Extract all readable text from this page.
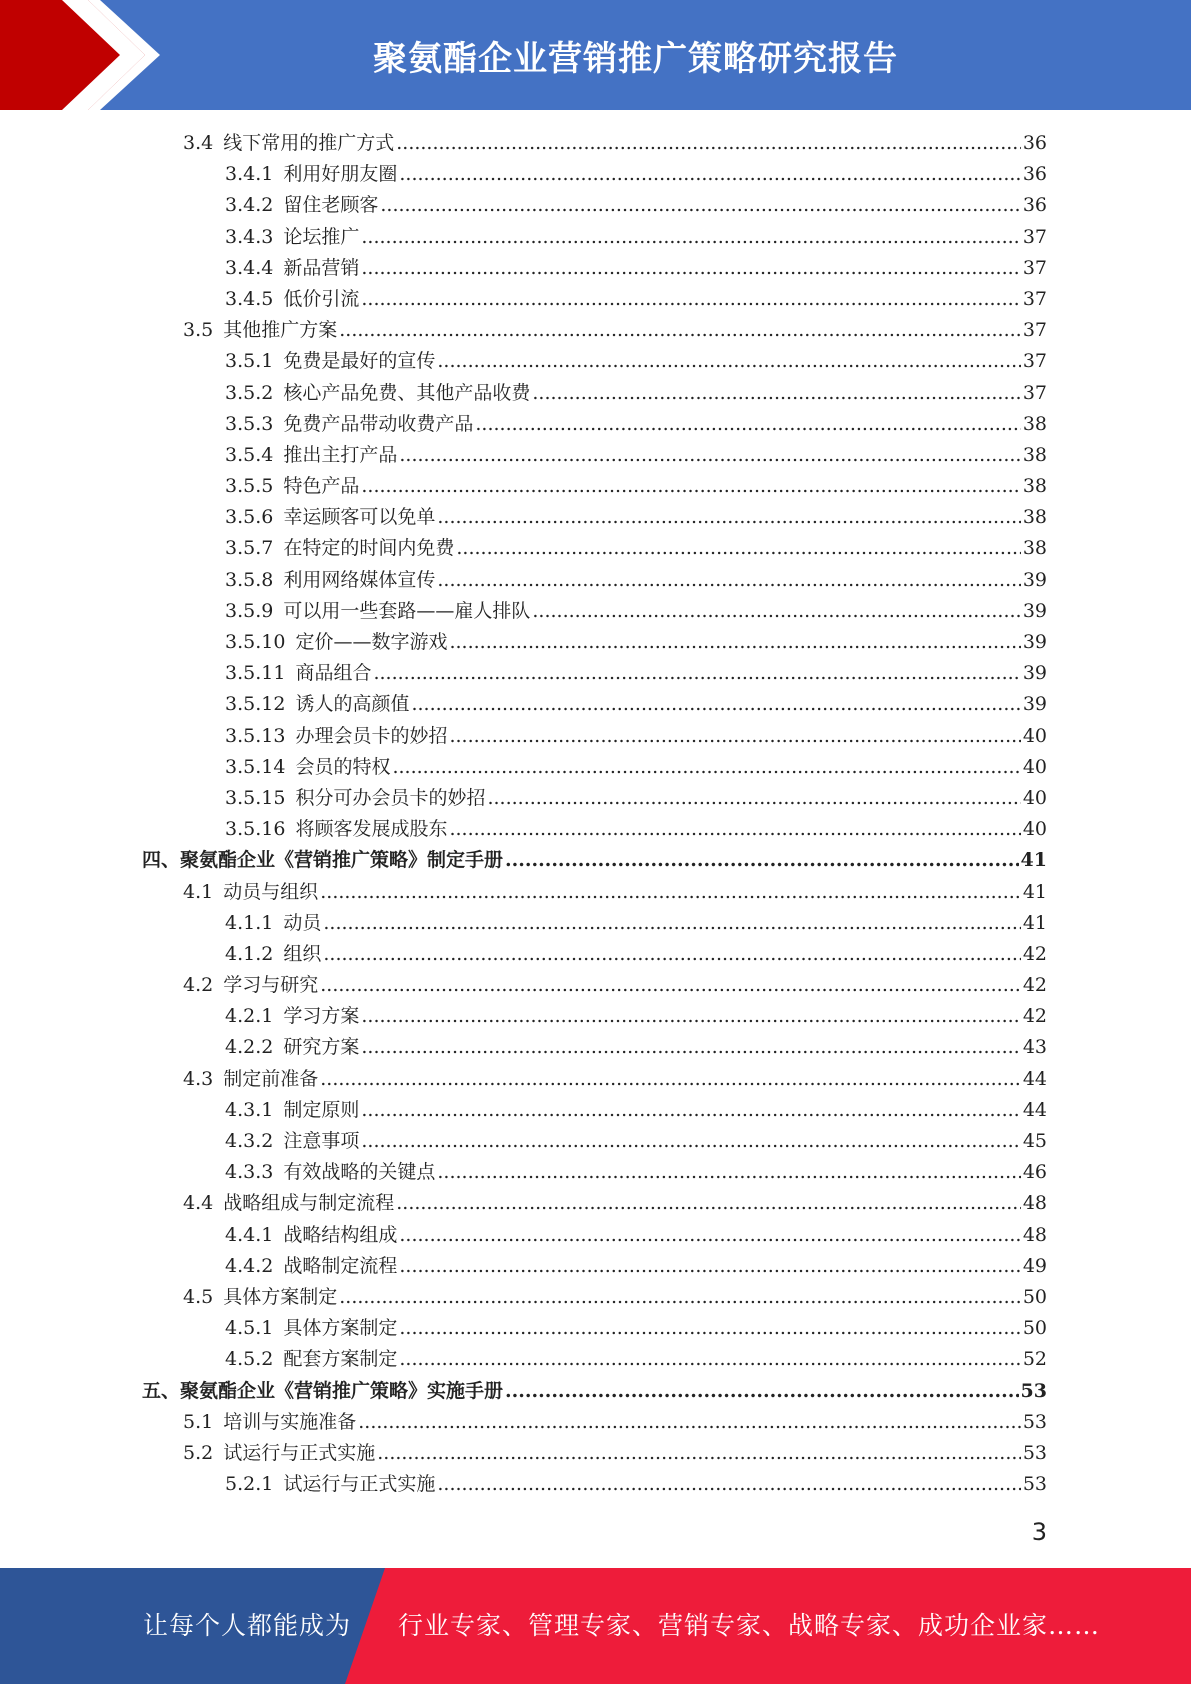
聚氨酯企业营销推广策略研究报告
3.4 线下常用的推广方式 .....	36
3.4.1 利用好朋友圈 .....	36
3.4.2 留住老顾客 .....	36
3.4.3 论坛推广 .....	37
3.4.4 新品营销 .....	37
3.4.5 低价引流 .....	37
3.5 其他推广方案 .....	37
3.5.1 免费是最好的宣传 .....	37
3.5.2 核心产品免费、其他产品收费 .....	37
3.5.3 免费产品带动收费产品 .....	38
3.5.4 推出主打产品 .....	38
3.5.5 特色产品 .....	38
3.5.6 幸运顾客可以免单 .....	38
3.5.7 在特定的时间内免费 .....	38
3.5.8 利用网络媒体宣传 .....	39
3.5.9 可以用一些套路——雇人排队 .....	39
3.5.10 定价——数字游戏 .....	39
3.5.11 商品组合 .....	39
3.5.12 诱人的高颜值 .....	39
3.5.13 办理会员卡的妙招 .....	40
3.5.14 会员的特权 .....	40
3.5.15 积分可办会员卡的妙招 .....	40
3.5.16 将顾客发展成股东 .....	40
四、聚氨酯企业《营销推广策略》制定手册 .....	41
4.1 动员与组织 .....	41
4.1.1 动员 .....	41
4.1.2 组织 .....	42
4.2 学习与研究 .....	42
4.2.1 学习方案 .....	42
4.2.2 研究方案 .....	43
4.3 制定前准备 .....	44
4.3.1 制定原则 .....	44
4.3.2 注意事项 .....	45
4.3.3 有效战略的关键点 .....	46
4.4 战略组成与制定流程 .....	48
4.4.1 战略结构组成 .....	48
4.4.2 战略制定流程 .....	49
4.5 具体方案制定 .....	50
4.5.1 具体方案制定 .....	50
4.5.2 配套方案制定 .....	52
五、聚氨酯企业《营销推广策略》实施手册 .....	53
5.1 培训与实施准备 .....	53
5.2 试运行与正式实施 .....	53
5.2.1 试运行与正式实施 .....	53
3
让每个人都能成为 行业专家、管理专家、营销专家、战略专家、成功企业家……
